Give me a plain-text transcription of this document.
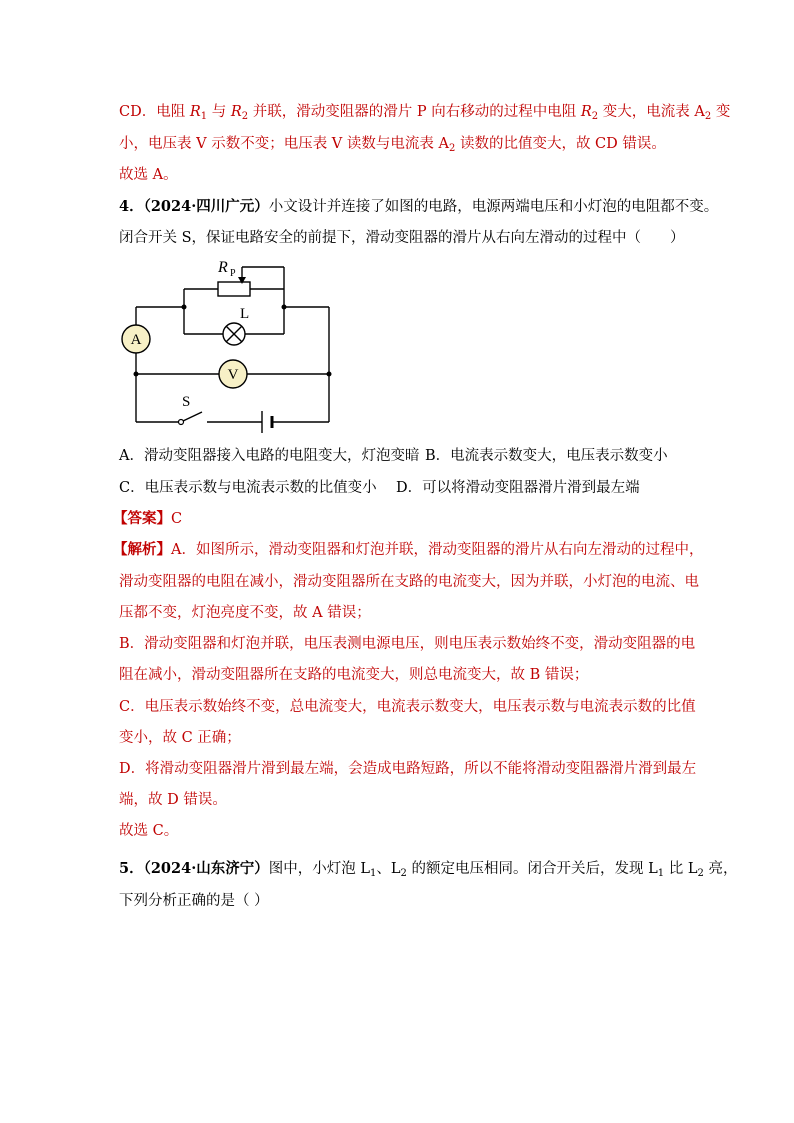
CD．电阻 $R_1$ 与 $R_2$ 并联，滑动变阻器的滑片 P 向右移动的过程中电阻 $R_2$ 变大，电流表 $A_2$ 变
小，电压表 V 示数不变；电压表 V 读数与电流表 $A_2$ 读数的比值变大，故 CD 错误。
故选 A。
4．（2024·四川广元）小文设计并连接了如图的电路，电源两端电压和小灯泡的电阻都不变。
闭合开关 S，保证电路安全的前提下，滑动变阻器的滑片从右向左滑动的过程中（　　）
R P
L
A
V
S
A．滑动变阻器接入电路的电阻变大，灯泡变暗 B．电流表示数变大，电压表示数变小
C．电压表示数与电流表示数的比值变小 D．可以将滑动变阻器滑片滑到最左端
【答案】C
【解析】A．如图所示，滑动变阻器和灯泡并联，滑动变阻器的滑片从右向左滑动的过程中，
滑动变阻器的电阻在减小，滑动变阻器所在支路的电流变大，因为并联，小灯泡的电流、电
压都不变，灯泡亮度不变，故 A 错误；
B．滑动变阻器和灯泡并联，电压表测电源电压，则电压表示数始终不变，滑动变阻器的电
阻在减小，滑动变阻器所在支路的电流变大，则总电流变大，故 B 错误；
C．电压表示数始终不变，总电流变大，电流表示数变大，电压表示数与电流表示数的比值
变小，故 C 正确；
D．将滑动变阻器滑片滑到最左端，会造成电路短路，所以不能将滑动变阻器滑片滑到最左
端，故 D 错误。
故选 C。
5．（2024·山东济宁）图中，小灯泡 $L_1$、$L_2$ 的额定电压相同。闭合开关后，发现 $L_1$ 比 $L_2$ 亮，
下列分析正确的是（ ）
